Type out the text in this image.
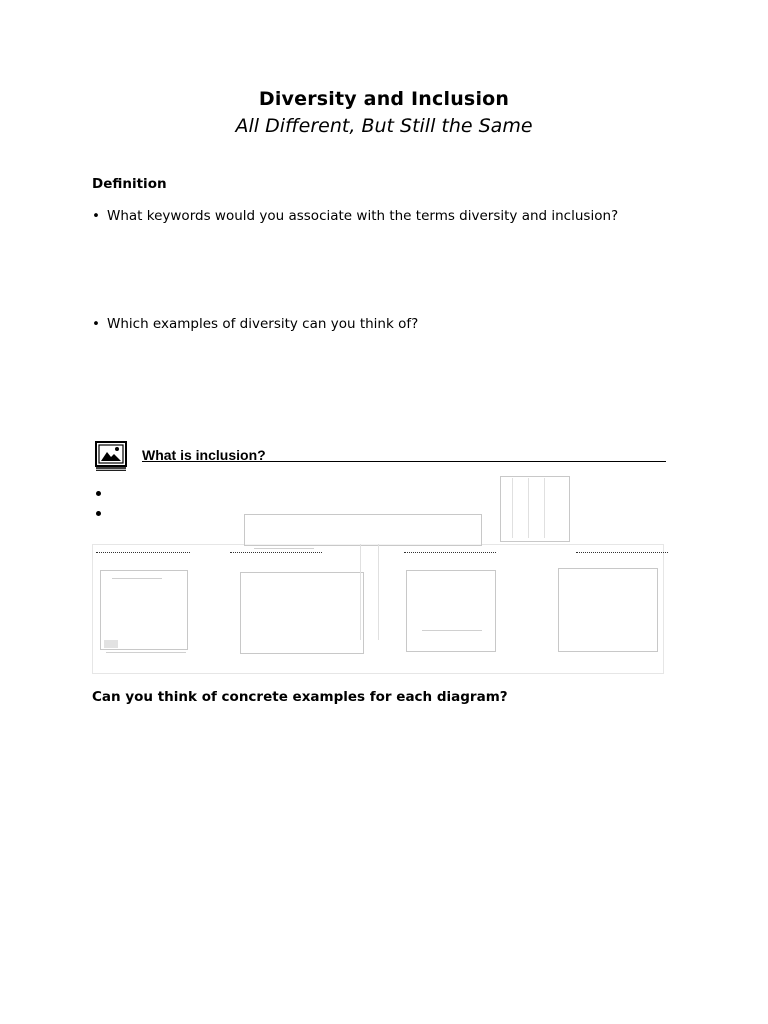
Diversity and Inclusion
All Different, But Still the Same
Definition
• What keywords would you associate with the terms diversity and inclusion?
• Which examples of diversity can you think of?
What is inclusion?
Can you think of concrete examples for each diagram?
